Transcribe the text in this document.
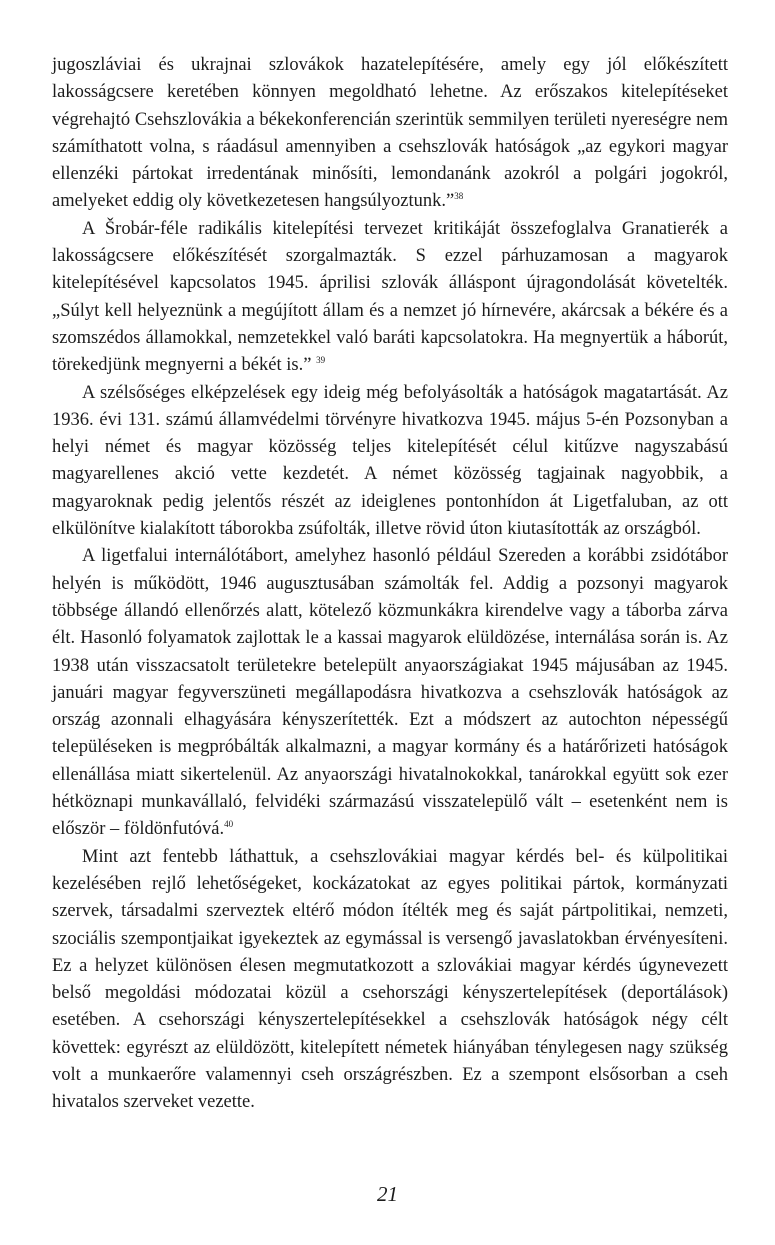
jugoszláviai és ukrajnai szlovákok hazatelepítésére, amely egy jól előkészített lakosságcsere keretében könnyen megoldható lehetne. Az erőszakos kitelepítéseket végrehajtó Csehszlovákia a békekonferencián szerintük semmilyen területi nyereségre nem számíthatott volna, s ráadásul amennyiben a csehszlovák hatóságok „az egykori magyar ellenzéki pártokat irredentának minősíti, lemondanánk azokról a polgári jogokról, amelyeket eddig oly következetesen hangsúlyoztunk.”$^{38}$

A Šrobár-féle radikális kitelepítési tervezet kritikáját összefoglalva Granatierék a lakosságcsere előkészítését szorgalmazták. S ezzel párhuzamosan a magyarok kitelepítésével kapcsolatos 1945. áprilisi szlovák álláspont újragondolását követelték. „Súlyt kell helyeznünk a megújított állam és a nemzet jó hírnevére, akárcsak a békére és a szomszédos államokkal, nemzetekkel való baráti kapcsolatokra. Ha megnyertük a háborút, törekedjünk megnyerni a békét is.” $^{39}$

A szélsőséges elképzelések egy ideig még befolyásolták a hatóságok magatartását. Az 1936. évi 131. számú államvédelmi törvényre hivatkozva 1945. május 5-én Pozsonyban a helyi német és magyar közösség teljes kitelepítését célul kitűzve nagyszabású magyarellenes akció vette kezdetét. A német közösség tagjainak nagyobbik, a magyaroknak pedig jelentős részét az ideiglenes pontonhídon át Ligetfaluban, az ott elkülönítve kialakított táborokba zsúfolták, illetve rövid úton kiutasították az országból.

A ligetfalui internálótábort, amelyhez hasonló például Szereden a korábbi zsidótábor helyén is működött, 1946 augusztusában számolták fel. Addig a pozsonyi magyarok többsége állandó ellenőrzés alatt, kötelező közmunkákra kirendelve vagy a táborba zárva élt. Hasonló folyamatok zajlottak le a kassai magyarok elüldözése, internálása során is. Az 1938 után visszacsatolt területekre betelepült anyaországiakat 1945 májusában az 1945. januári magyar fegyverszüneti megállapodásra hivatkozva a csehszlovák hatóságok az ország azonnali elhagyására kényszerítették. Ezt a módszert az autochton népességű településeken is megpróbálták alkalmazni, a magyar kormány és a határőrizeti hatóságok ellenállása miatt sikertelenül. Az anyaországi hivatalnokokkal, tanárokkal együtt sok ezer hétköznapi munkavállaló, felvidéki származású visszatelepülő vált – esetenként nem is először – földönfutóvá.$^{40}$

Mint azt fentebb láthattuk, a csehszlovákiai magyar kérdés bel- és külpolitikai kezelésében rejlő lehetőségeket, kockázatokat az egyes politikai pártok, kormányzati szervek, társadalmi szerveztek eltérő módon ítélték meg és saját pártpolitikai, nemzeti, szociális szempontjaikat igyekeztek az egymással is versengő javaslatokban érvényesíteni. Ez a helyzet különösen élesen megmutatkozott a szlovákiai magyar kérdés úgynevezett belső megoldási módozatai közül a csehországi kényszertelepítések (deportálások) esetében. A csehországi kényszertelepítésekkel a csehszlovák hatóságok négy célt követtek: egyrészt az elüldözött, kitelepített németek hiányában ténylegesen nagy szükség volt a munkaerőre valamennyi cseh országrészben. Ez a szempont elsősorban a cseh hivatalos szerveket vezette.

21
